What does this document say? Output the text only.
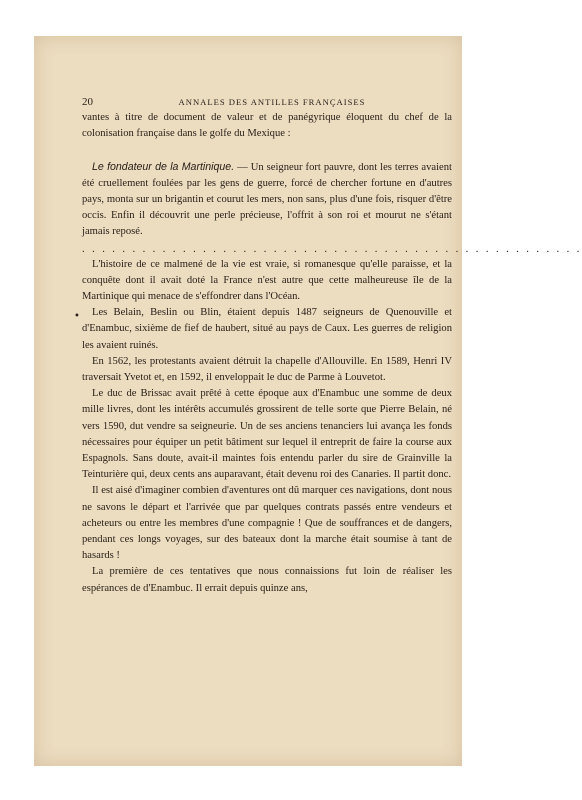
20	ANNALES DES ANTILLES FRANÇAISES

vantes à titre de document de valeur et de panégyrique éloquent du chef de la colonisation française dans le golfe du Mexique :

Le fondateur de la Martinique. — Un seigneur fort pauvre, dont les terres avaient été cruellement foulées par les gens de guerre, forcé de chercher fortune en d'autres pays, monta sur un brigantin et courut les mers, non sans, plus d'une fois, risquer d'être occis. Enfin il découvrit une perle précieuse, l'offrit à son roi et mourut ne s'étant jamais reposé.

. . . . . . . . . . . . . . . . . . . . . . . . . . . . . . . . . . . . . . . . . . . . . . . . . .

L'histoire de ce malmené de la vie est vraie, si romanesque qu'elle paraisse, et la conquête dont il avait doté la France n'est autre que cette malheureuse île de la Martinique qui menace de s'effondrer dans l'Océan.

Les Belain, Beslin ou Blin, étaient depuis 1487 seigneurs de Quenouville et d'Enambuc, sixième de fief de haubert, situé au pays de Caux. Les guerres de religion les avaient ruinés.

En 1562, les protestants avaient détruit la chapelle d'Allouville. En 1589, Henri IV traversait Yvetot et, en 1592, il enveloppait le duc de Parme à Louvetot.

Le duc de Brissac avait prêté à cette époque aux d'Enambuc une somme de deux mille livres, dont les intérêts accumulés grossirent de telle sorte que Pierre Belain, né vers 1590, dut vendre sa seigneurie. Un de ses anciens tenanciers lui avança les fonds nécessaires pour équiper un petit bâtiment sur lequel il entreprit de faire la course aux Espagnols. Sans doute, avait-il maintes fois entendu parler du sire de Grainville la Teinturière qui, deux cents ans auparavant, était devenu roi des Canaries. Il partit donc.

Il est aisé d'imaginer combien d'aventures ont dû marquer ces navigations, dont nous ne savons le départ et l'arrivée que par quelques contrats passés entre vendeurs et acheteurs ou entre les membres d'une compagnie ! Que de souffrances et de dangers, pendant ces longs voyages, sur des bateaux dont la marche était soumise à tant de hasards !

La première de ces tentatives que nous connaissions fut loin de réaliser les espérances de d'Enambuc. Il errait depuis quinze ans,

•
